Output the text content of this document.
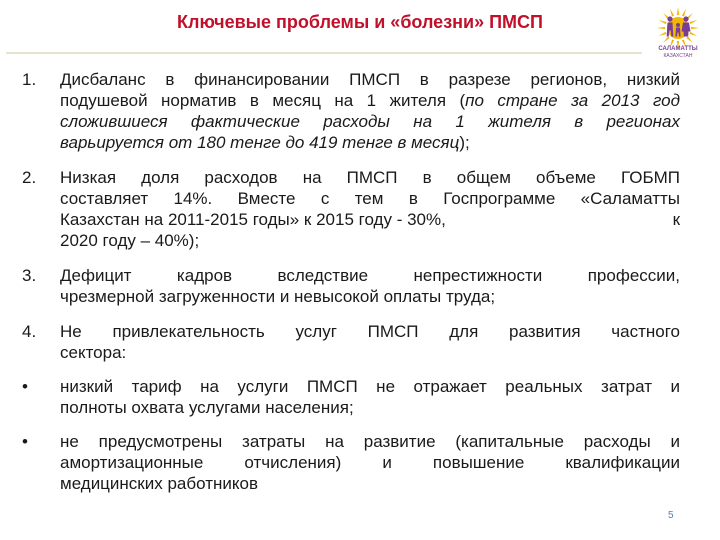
Ключевые проблемы и «болезни» ПМСП
САЛАМАТТЫ
КАЗАХСТАН
1. Дисбаланс в финансировании ПМСП в разрезе регионов, низкий
подушевой норматив в месяц на 1 жителя (по стране за 2013 год
сложившиеся фактические расходы на 1 жителя в регионах
варьируется от 180 тенге до 419 тенге в месяц);
2. Низкая доля расходов на ПМСП в общем объеме ГОБМП
составляет 14%. Вместе с тем в Госпрограмме «Саламатты
Казахстан на 2011-2015 годы» к 2015 году - 30%,	к
2020 году – 40%);
3. Дефицит кадров вследствие непрестижности профессии,
чрезмерной загруженности и невысокой оплаты труда;
4. Не привлекательность услуг ПМСП для развития частного
сектора:
• низкий тариф на услуги ПМСП не отражает реальных затрат и
полноты охвата услугами населения;
• не предусмотрены затраты на развитие (капитальные расходы и
амортизационные отчисления) и повышение квалификации
медицинских работников
5
